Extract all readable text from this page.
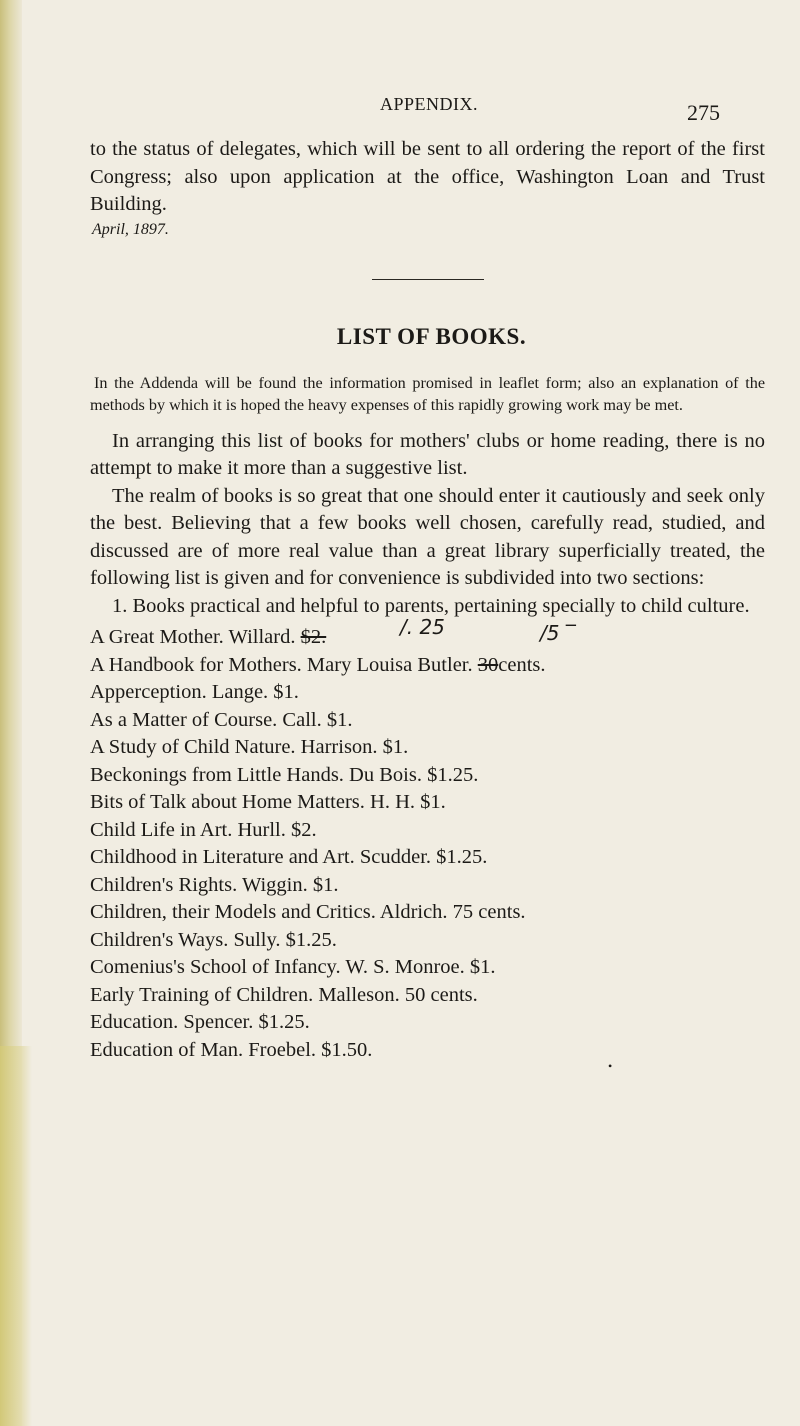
APPENDIX.	275

to the status of delegates, which will be sent to all ordering the report of the first Congress; also upon application at the office, Washington Loan and Trust Building.

April, 1897.

LIST OF BOOKS.

In the Addenda will be found the information promised in leaflet form; also an explanation of the methods by which it is hoped the heavy expenses of this rapidly growing work may be met.

In arranging this list of books for mothers' clubs or home reading, there is no attempt to make it more than a suggestive list.

The realm of books is so great that one should enter it cautiously and seek only the best. Believing that a few books well chosen, carefully read, studied, and discussed are of more real value than a great library superficially treated, the following list is given and for convenience is subdivided into two sections:

1. Books practical and helpful to parents, pertaining specially to child culture.

A Great Mother. Willard. $2.	/. 25	/5 ‾
A Handbook for Mothers. Mary Louisa Butler. 30cents.
Apperception. Lange. $1.
As a Matter of Course. Call. $1.
A Study of Child Nature. Harrison. $1.
Beckonings from Little Hands. Du Bois. $1.25.
Bits of Talk about Home Matters. H. H. $1.
Child Life in Art. Hurll. $2.
Childhood in Literature and Art. Scudder. $1.25.
Children's Rights. Wiggin. $1.
Children, their Models and Critics. Aldrich. 75 cents.
Children's Ways. Sully. $1.25.
Comenius's School of Infancy. W. S. Monroe. $1.
Early Training of Children. Malleson. 50 cents.
Education. Spencer. $1.25.
Education of Man. Froebel. $1.50.
•
